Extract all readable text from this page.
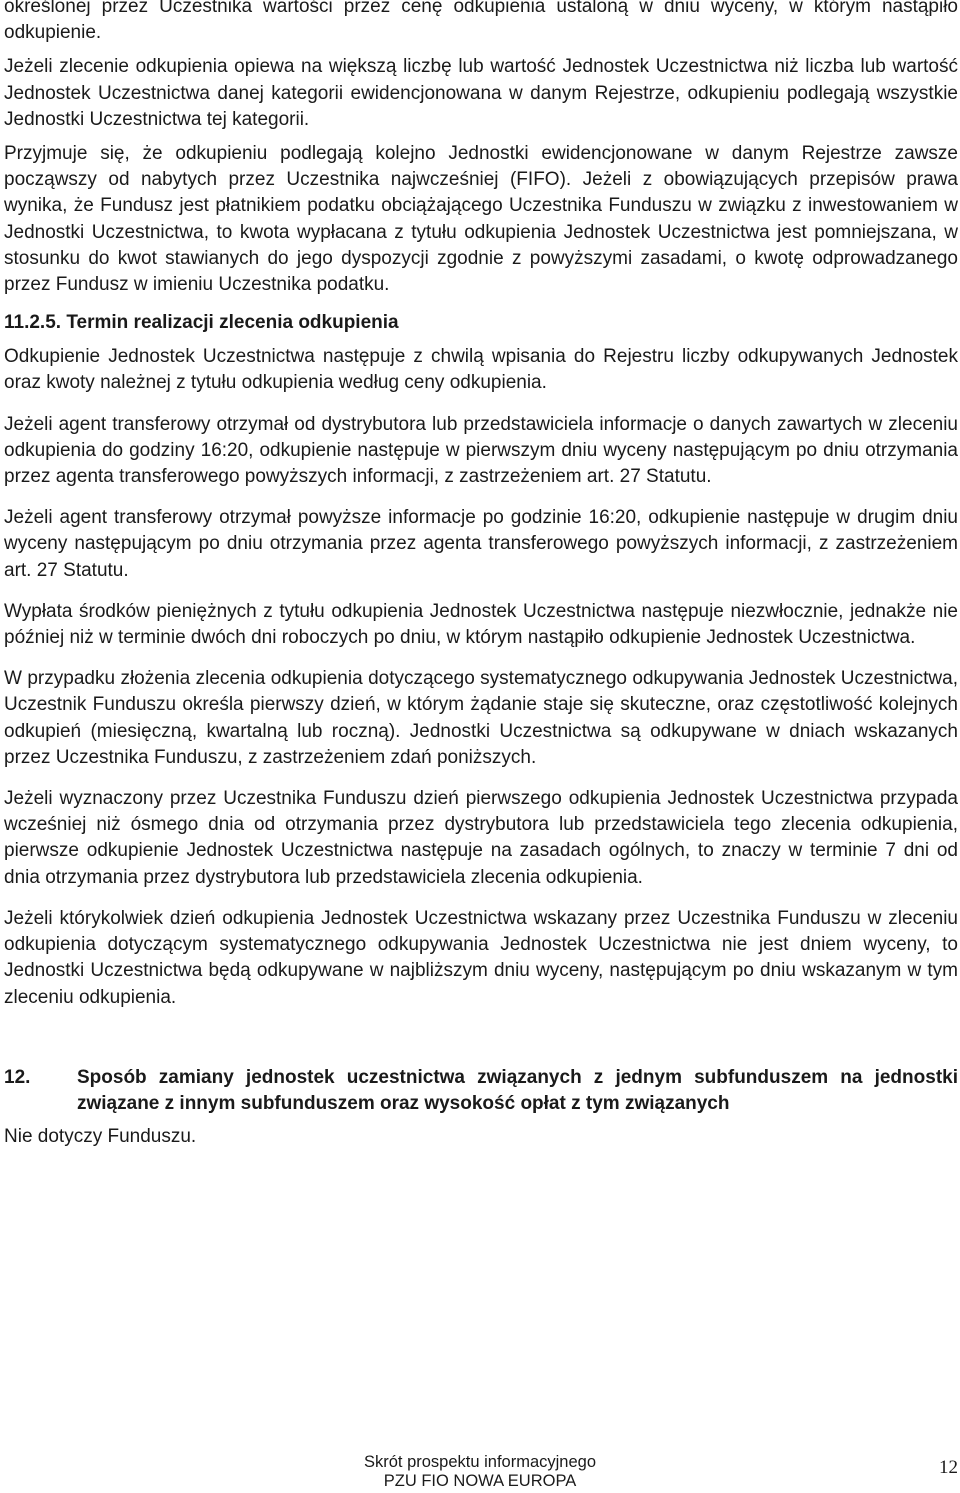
określonej przez Uczestnika wartości przez cenę odkupienia ustaloną w dniu wyceny, w którym nastąpiło odkupienie.

Jeżeli zlecenie odkupienia opiewa na większą liczbę lub wartość Jednostek Uczestnictwa niż liczba lub wartość Jednostek Uczestnictwa danej kategorii ewidencjonowana w danym Rejestrze, odkupieniu podlegają wszystkie Jednostki Uczestnictwa tej kategorii.

Przyjmuje się, że odkupieniu podlegają kolejno Jednostki ewidencjonowane w danym Rejestrze zawsze począwszy od nabytych przez Uczestnika najwcześniej (FIFO). Jeżeli z obowiązujących przepisów prawa wynika, że Fundusz jest płatnikiem podatku obciążającego Uczestnika Funduszu w związku z inwestowaniem w Jednostki Uczestnictwa, to kwota wypłacana z tytułu odkupienia Jednostek Uczestnictwa jest pomniejszana, w stosunku do kwot stawianych do jego dyspozycji zgodnie z powyższymi zasadami, o kwotę odprowadzanego przez Fundusz w imieniu Uczestnika podatku.

11.2.5. Termin realizacji zlecenia odkupienia

Odkupienie Jednostek Uczestnictwa następuje z chwilą wpisania do Rejestru liczby odkupywanych Jednostek oraz kwoty należnej z tytułu odkupienia według ceny odkupienia.

Jeżeli agent transferowy otrzymał od dystrybutora lub przedstawiciela informacje o danych zawartych w zleceniu odkupienia do godziny 16:20, odkupienie następuje w pierwszym dniu wyceny następującym po dniu otrzymania przez agenta transferowego powyższych informacji, z zastrzeżeniem art. 27 Statutu.

Jeżeli agent transferowy otrzymał powyższe informacje po godzinie 16:20, odkupienie następuje w drugim dniu wyceny następującym po dniu otrzymania przez agenta transferowego powyższych informacji, z zastrzeżeniem art. 27 Statutu.

Wypłata środków pieniężnych z tytułu odkupienia Jednostek Uczestnictwa następuje niezwłocznie, jednakże nie później niż w terminie dwóch dni roboczych po dniu, w którym nastąpiło odkupienie Jednostek Uczestnictwa.

W przypadku złożenia zlecenia odkupienia dotyczącego systematycznego odkupywania Jednostek Uczestnictwa, Uczestnik Funduszu określa pierwszy dzień, w którym żądanie staje się skuteczne, oraz częstotliwość kolejnych odkupień (miesięczną, kwartalną lub roczną). Jednostki Uczestnictwa są odkupywane w dniach wskazanych przez Uczestnika Funduszu, z zastrzeżeniem zdań poniższych.

Jeżeli wyznaczony przez Uczestnika Funduszu dzień pierwszego odkupienia Jednostek Uczestnictwa przypada wcześniej niż ósmego dnia od otrzymania przez dystrybutora lub przedstawiciela tego zlecenia odkupienia, pierwsze odkupienie Jednostek Uczestnictwa następuje na zasadach ogólnych, to znaczy w terminie 7 dni od dnia otrzymania przez dystrybutora lub przedstawiciela zlecenia odkupienia.

Jeżeli którykolwiek dzień odkupienia Jednostek Uczestnictwa wskazany przez Uczestnika Funduszu w zleceniu odkupienia dotyczącym systematycznego odkupywania Jednostek Uczestnictwa nie jest dniem wyceny, to Jednostki Uczestnictwa będą odkupywane w najbliższym dniu wyceny, następującym po dniu wskazanym w tym zleceniu odkupienia.

12.	Sposób zamiany jednostek uczestnictwa związanych z jednym subfunduszem na jednostki związane z innym subfunduszem oraz wysokość opłat z tym związanych

Nie dotyczy Funduszu.

Skrót prospektu informacyjnego
PZU FIO NOWA EUROPA
12
